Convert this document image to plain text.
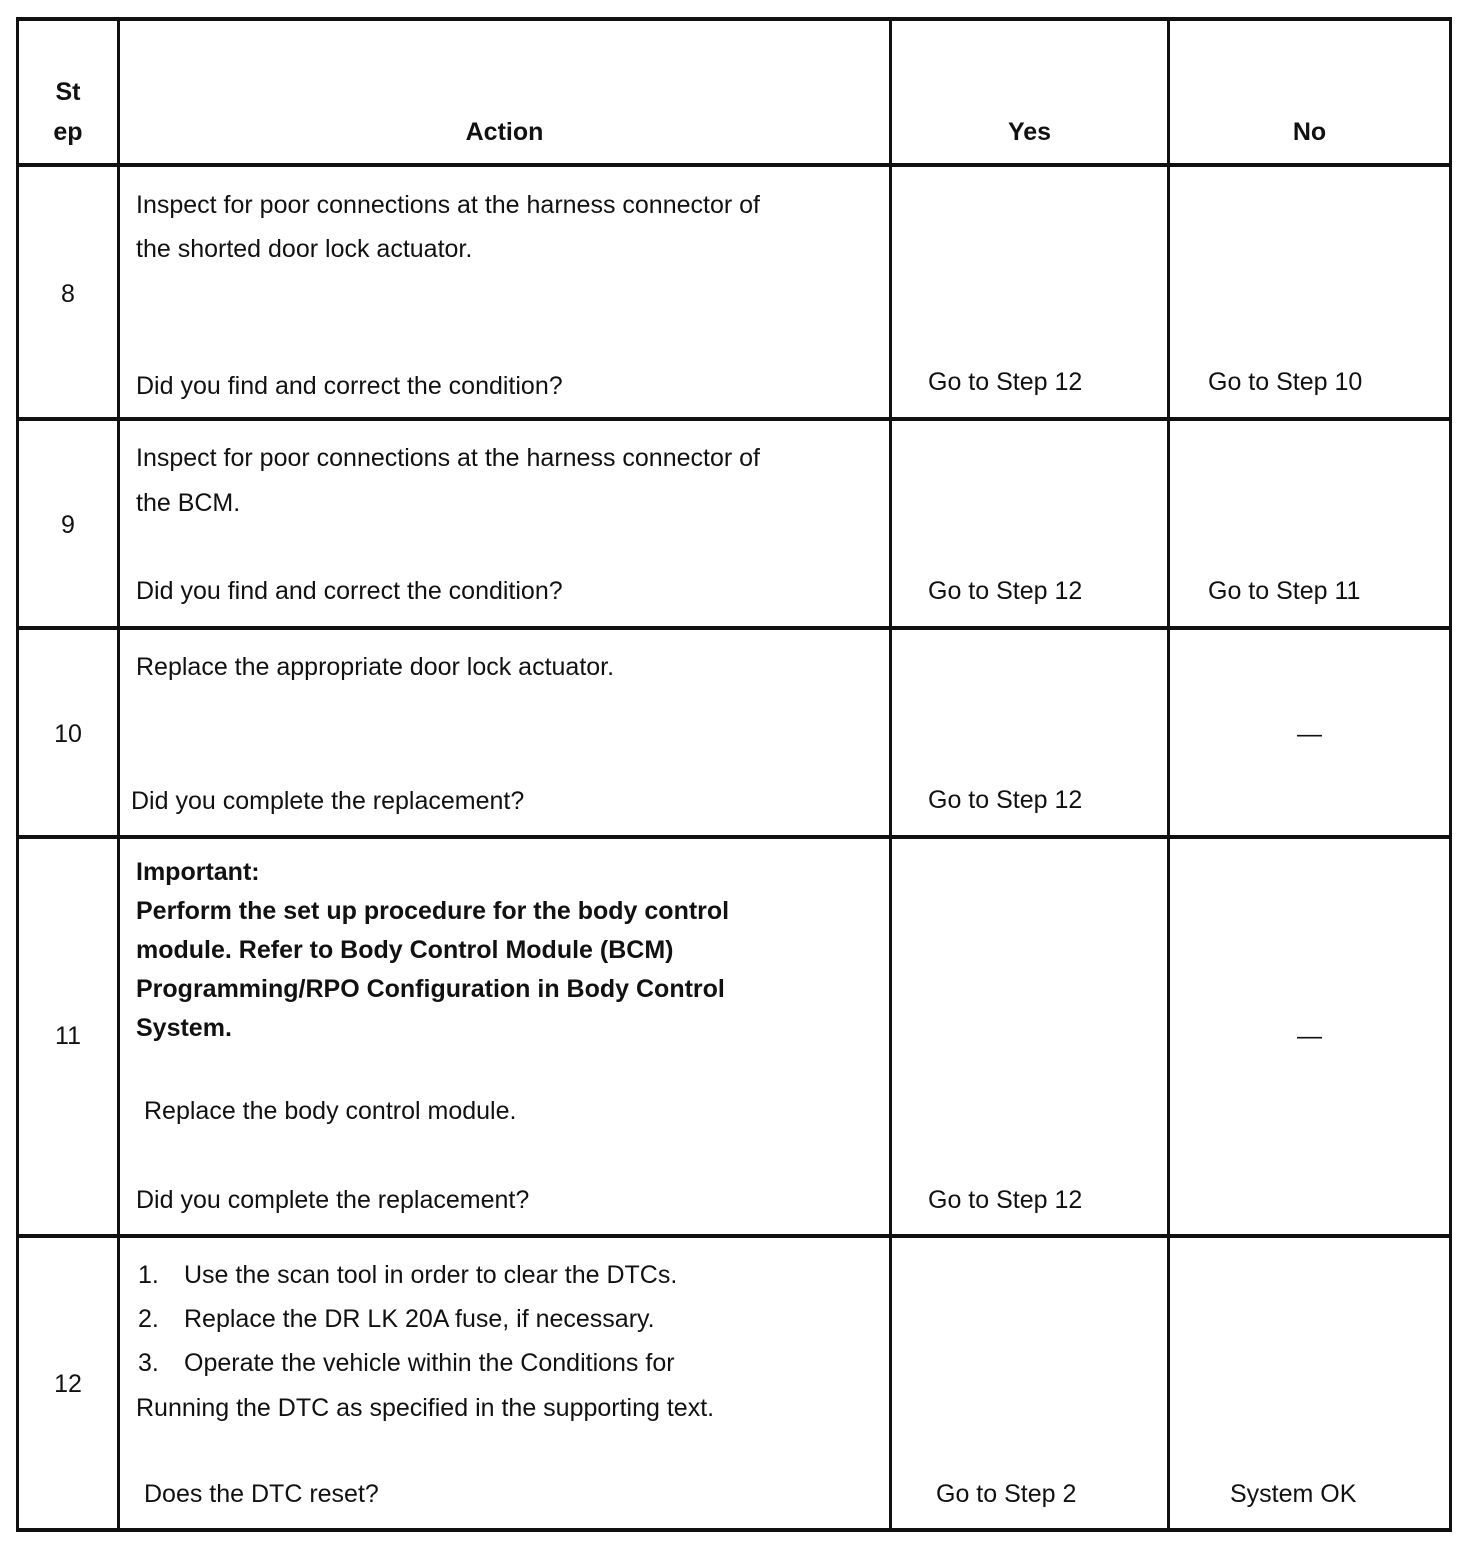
St
ep	Action	Yes	No
8
Inspect for poor connections at the harness connector of
the shorted door lock actuator.
Did you find and correct the condition?	Go to Step 12	Go to Step 10
9
Inspect for poor connections at the harness connector of
the BCM.
Did you find and correct the condition?	Go to Step 12	Go to Step 11
10
Replace the appropriate door lock actuator.
Did you complete the replacement?	Go to Step 12
—
11
Important:
Perform the set up procedure for the body control
module. Refer to Body Control Module (BCM)
Programming/RPO Configuration in Body Control
System.
Replace the body control module.
Did you complete the replacement?	Go to Step 12
—
12
1. Use the scan tool in order to clear the DTCs.
2. Replace the DR LK 20A fuse, if necessary.
3. Operate the vehicle within the Conditions for
Running the DTC as specified in the supporting text.
Does the DTC reset?	Go to Step 2	System OK
